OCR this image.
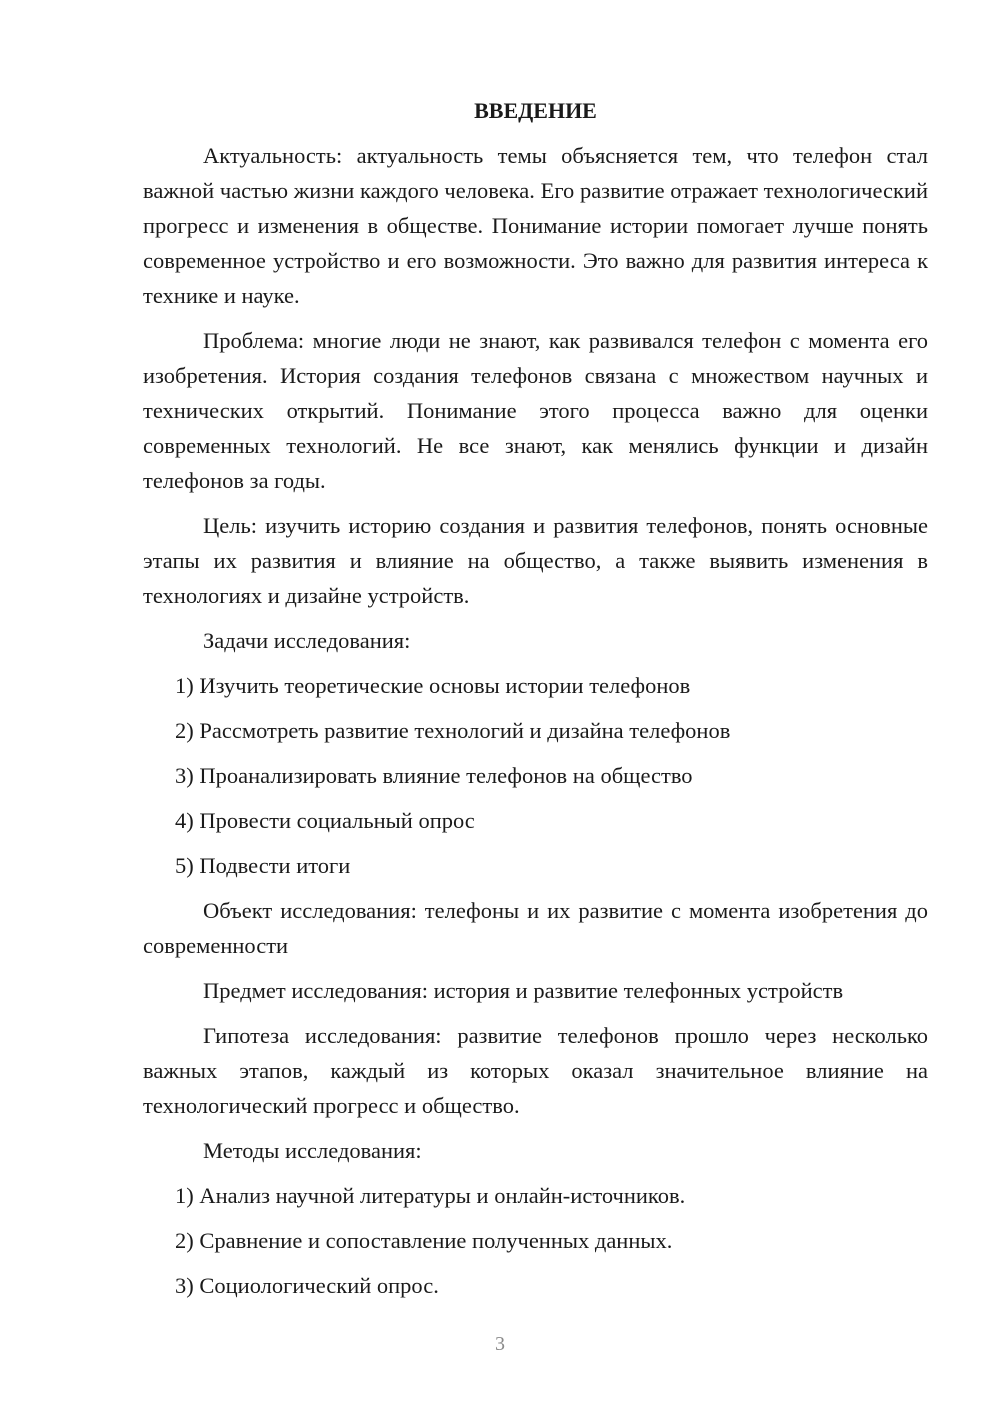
ВВЕДЕНИЕ
Актуальность: актуальность темы объясняется тем, что телефон стал важной частью жизни каждого человека. Его развитие отражает технологический прогресс и изменения в обществе. Понимание истории помогает лучше понять современное устройство и его возможности. Это важно для развития интереса к технике и науке.
Проблема: многие люди не знают, как развивался телефон с момента его изобретения. История создания телефонов связана с множеством научных и технических открытий. Понимание этого процесса важно для оценки современных технологий. Не все знают, как менялись функции и дизайн телефонов за годы.
Цель: изучить историю создания и развития телефонов, понять основные этапы их развития и влияние на общество, а также выявить изменения в технологиях и дизайне устройств.
Задачи исследования:
1) Изучить теоретические основы истории телефонов
2) Рассмотреть развитие технологий и дизайна телефонов
3) Проанализировать влияние телефонов на общество
4) Провести социальный опрос
5) Подвести итоги
Объект исследования: телефоны и их развитие с момента изобретения до современности
Предмет исследования: история и развитие телефонных устройств
Гипотеза исследования: развитие телефонов прошло через несколько важных этапов, каждый из которых оказал значительное влияние на технологический прогресс и общество.
Методы исследования:
1) Анализ научной литературы и онлайн-источников.
2) Сравнение и сопоставление полученных данных.
3) Социологический опрос.
3
